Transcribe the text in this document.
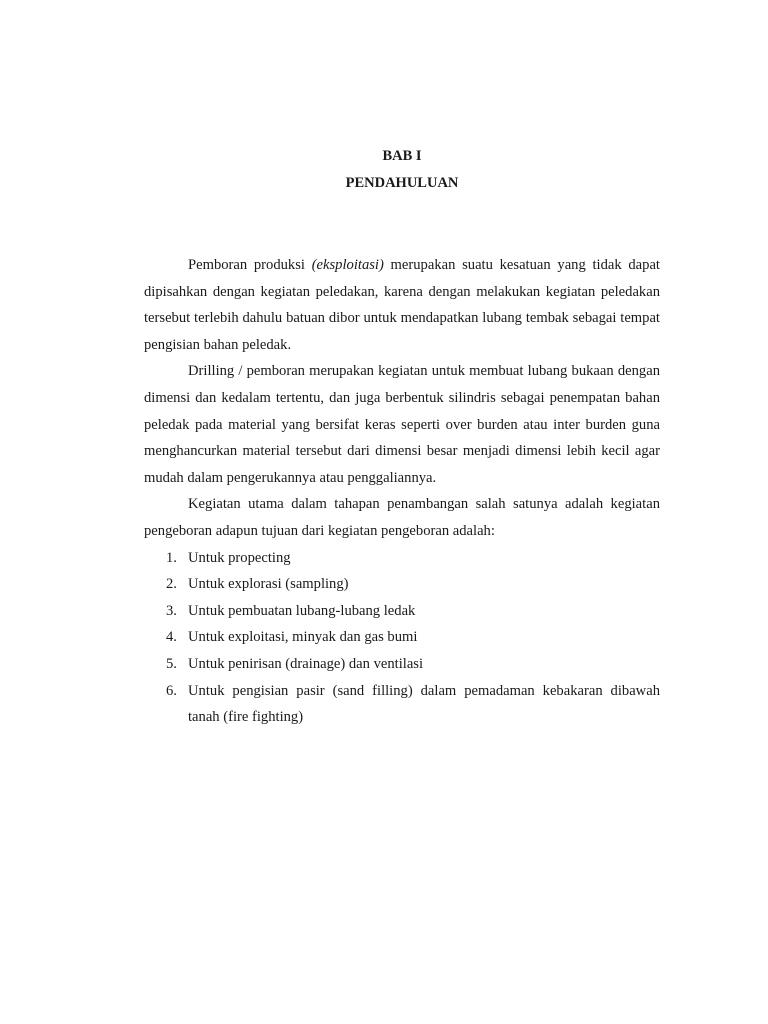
BAB I
PENDAHULUAN

Pemboran produksi (eksploitasi) merupakan suatu kesatuan yang tidak dapat dipisahkan dengan kegiatan peledakan, karena dengan melakukan kegiatan peledakan tersebut terlebih dahulu batuan dibor untuk mendapatkan lubang tembak sebagai tempat pengisian bahan peledak.

Drilling / pemboran merupakan kegiatan untuk membuat lubang bukaan dengan dimensi dan kedalam tertentu, dan juga berbentuk silindris sebagai penempatan bahan peledak pada material yang bersifat keras seperti over burden atau inter burden guna menghancurkan material tersebut dari dimensi besar menjadi dimensi lebih kecil agar mudah dalam pengerukannya atau penggaliannya.

Kegiatan utama dalam tahapan penambangan salah satunya adalah kegiatan pengeboran adapun tujuan dari kegiatan pengeboran adalah:

1. Untuk propecting
2. Untuk explorasi (sampling)
3. Untuk pembuatan lubang-lubang ledak
4. Untuk exploitasi, minyak dan gas bumi
5. Untuk penirisan (drainage) dan ventilasi
6. Untuk pengisian pasir (sand filling) dalam pemadaman kebakaran dibawah tanah (fire fighting)
